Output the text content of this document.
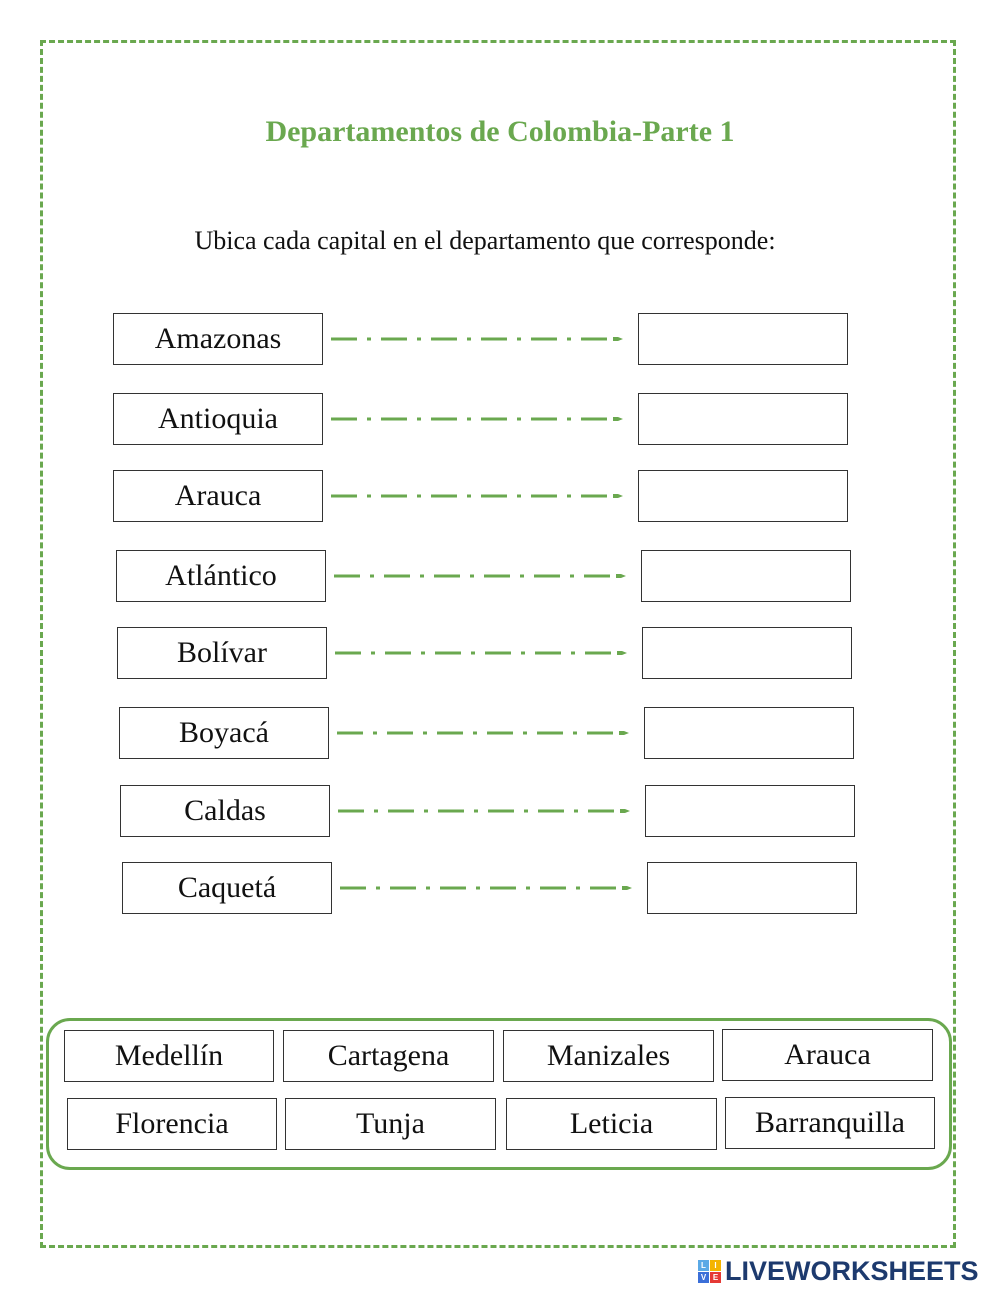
Departamentos de Colombia-Parte 1
Ubica cada capital en el departamento que corresponde:
Amazonas
Antioquia
Arauca
Atlántico
Bolívar
Boyacá
Caldas
Caquetá
Medellín	Cartagena	Manizales	Arauca
Florencia	Tunja	Leticia	Barranquilla
L	I
V E LIVEWORKSHEETS
